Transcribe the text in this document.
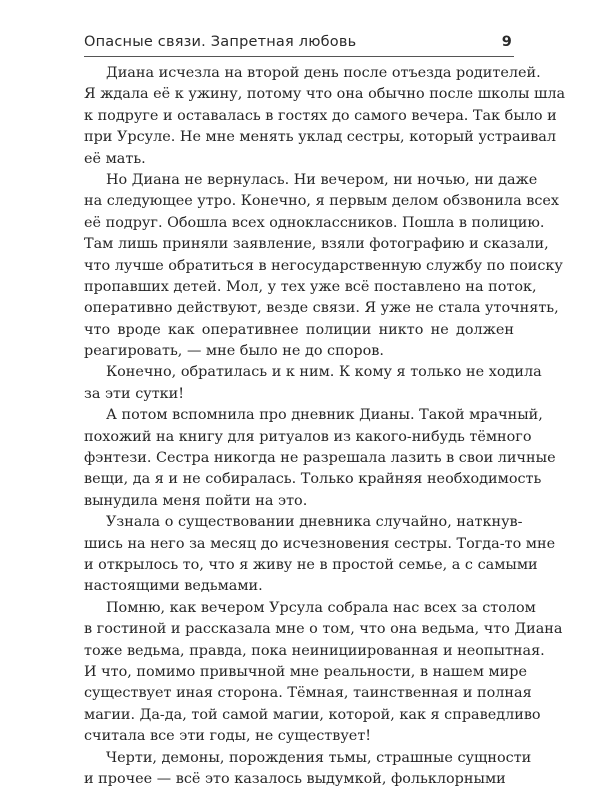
Опасные связи. Запретная любовь	9
Диана исчезла на второй день после отъезда родителей.
Я ждала её к ужину, потому что она обычно после школы шла
к подруге и оставалась в гостях до самого вечера. Так было и
при Урсуле. Не мне менять уклад сестры, который устраивал
её мать.
Но Диана не вернулась. Ни вечером, ни ночью, ни даже
на следующее утро. Конечно, я первым делом обзвонила всех
её подруг. Обошла всех одноклассников. Пошла в полицию.
Там лишь приняли заявление, взяли фотографию и сказали,
что лучше обратиться в негосударственную службу по поиску
пропавших детей. Мол, у тех уже всё поставлено на поток,
оперативно действуют, везде связи. Я уже не стала уточнять,
что вроде как оперативнее полиции никто не должен
реагировать, — мне было не до споров.
Конечно, обратилась и к ним. К кому я только не ходила
за эти сутки!
А потом вспомнила про дневник Дианы. Такой мрачный,
похожий на книгу для ритуалов из какого-нибудь тёмного
фэнтези. Сестра никогда не разрешала лазить в свои личные
вещи, да я и не собиралась. Только крайняя необходимость
вынудила меня пойти на это.
Узнала о существовании дневника случайно, наткнув-
шись на него за месяц до исчезновения сестры. Тогда-то мне
и открылось то, что я живу не в простой семье, а с самыми
настоящими ведьмами.
Помню, как вечером Урсула собрала нас всех за столом
в гостиной и рассказала мне о том, что она ведьма, что Диана
тоже ведьма, правда, пока неинициированная и неопытная.
И что, помимо привычной мне реальности, в нашем мире
существует иная сторона. Тёмная, таинственная и полная
магии. Да-да, той самой магии, которой, как я справедливо
считала все эти годы, не существует!
Черти, демоны, порождения тьмы, страшные сущности
и прочее — всё это казалось выдумкой, фольклорными
